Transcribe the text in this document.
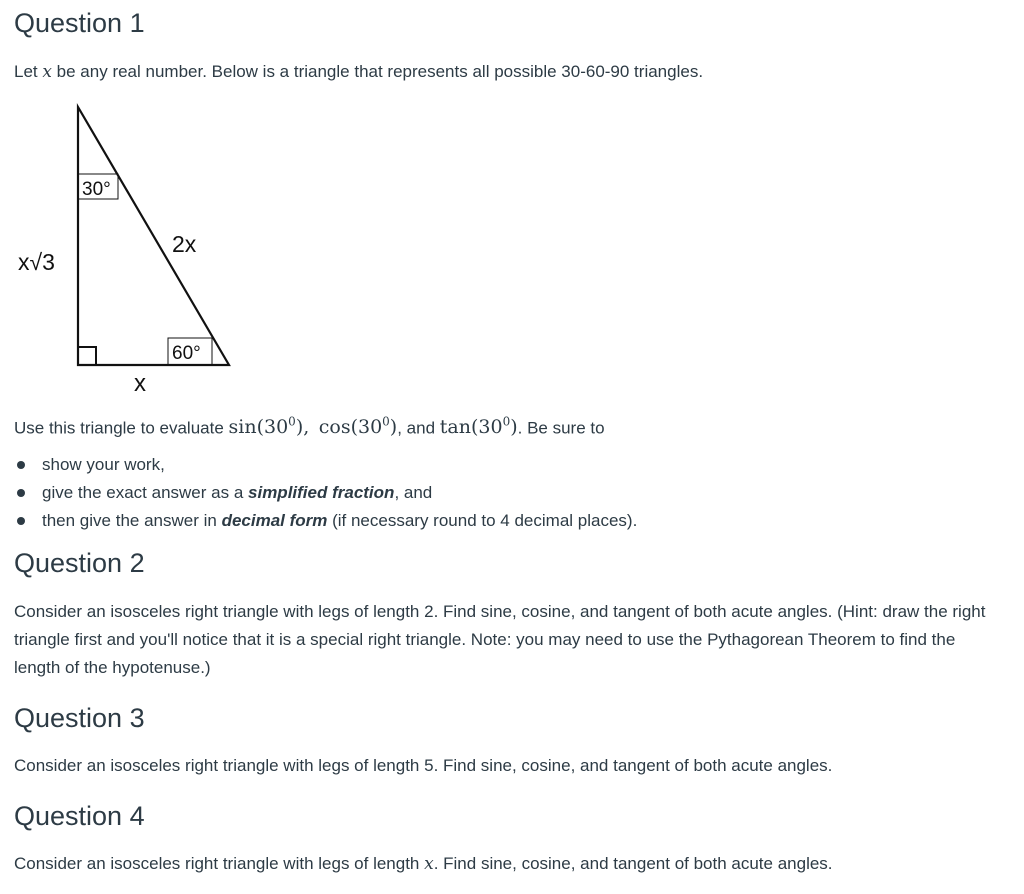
Question 1

Let x be any real number. Below is a triangle that represents all possible 30-60-90 triangles.

30°
2x
x√3
60°
x

Use this triangle to evaluate $\sin(30^0)$, $\cos(30^0)$, and $\tan(30^0)$. Be sure to

show your work,
give the exact answer as a simplified fraction, and
then give the answer in decimal form (if necessary round to 4 decimal places).
Question 2

Consider an isosceles right triangle with legs of length 2. Find sine, cosine, and tangent of both acute angles. (Hint: draw the right triangle first and you'll notice that it is a special right triangle. Note: you may need to use the Pythagorean Theorem to find the length of the hypotenuse.)

Question 3

Consider an isosceles right triangle with legs of length 5. Find sine, cosine, and tangent of both acute angles.

Question 4

Consider an isosceles right triangle with legs of length x. Find sine, cosine, and tangent of both acute angles.
